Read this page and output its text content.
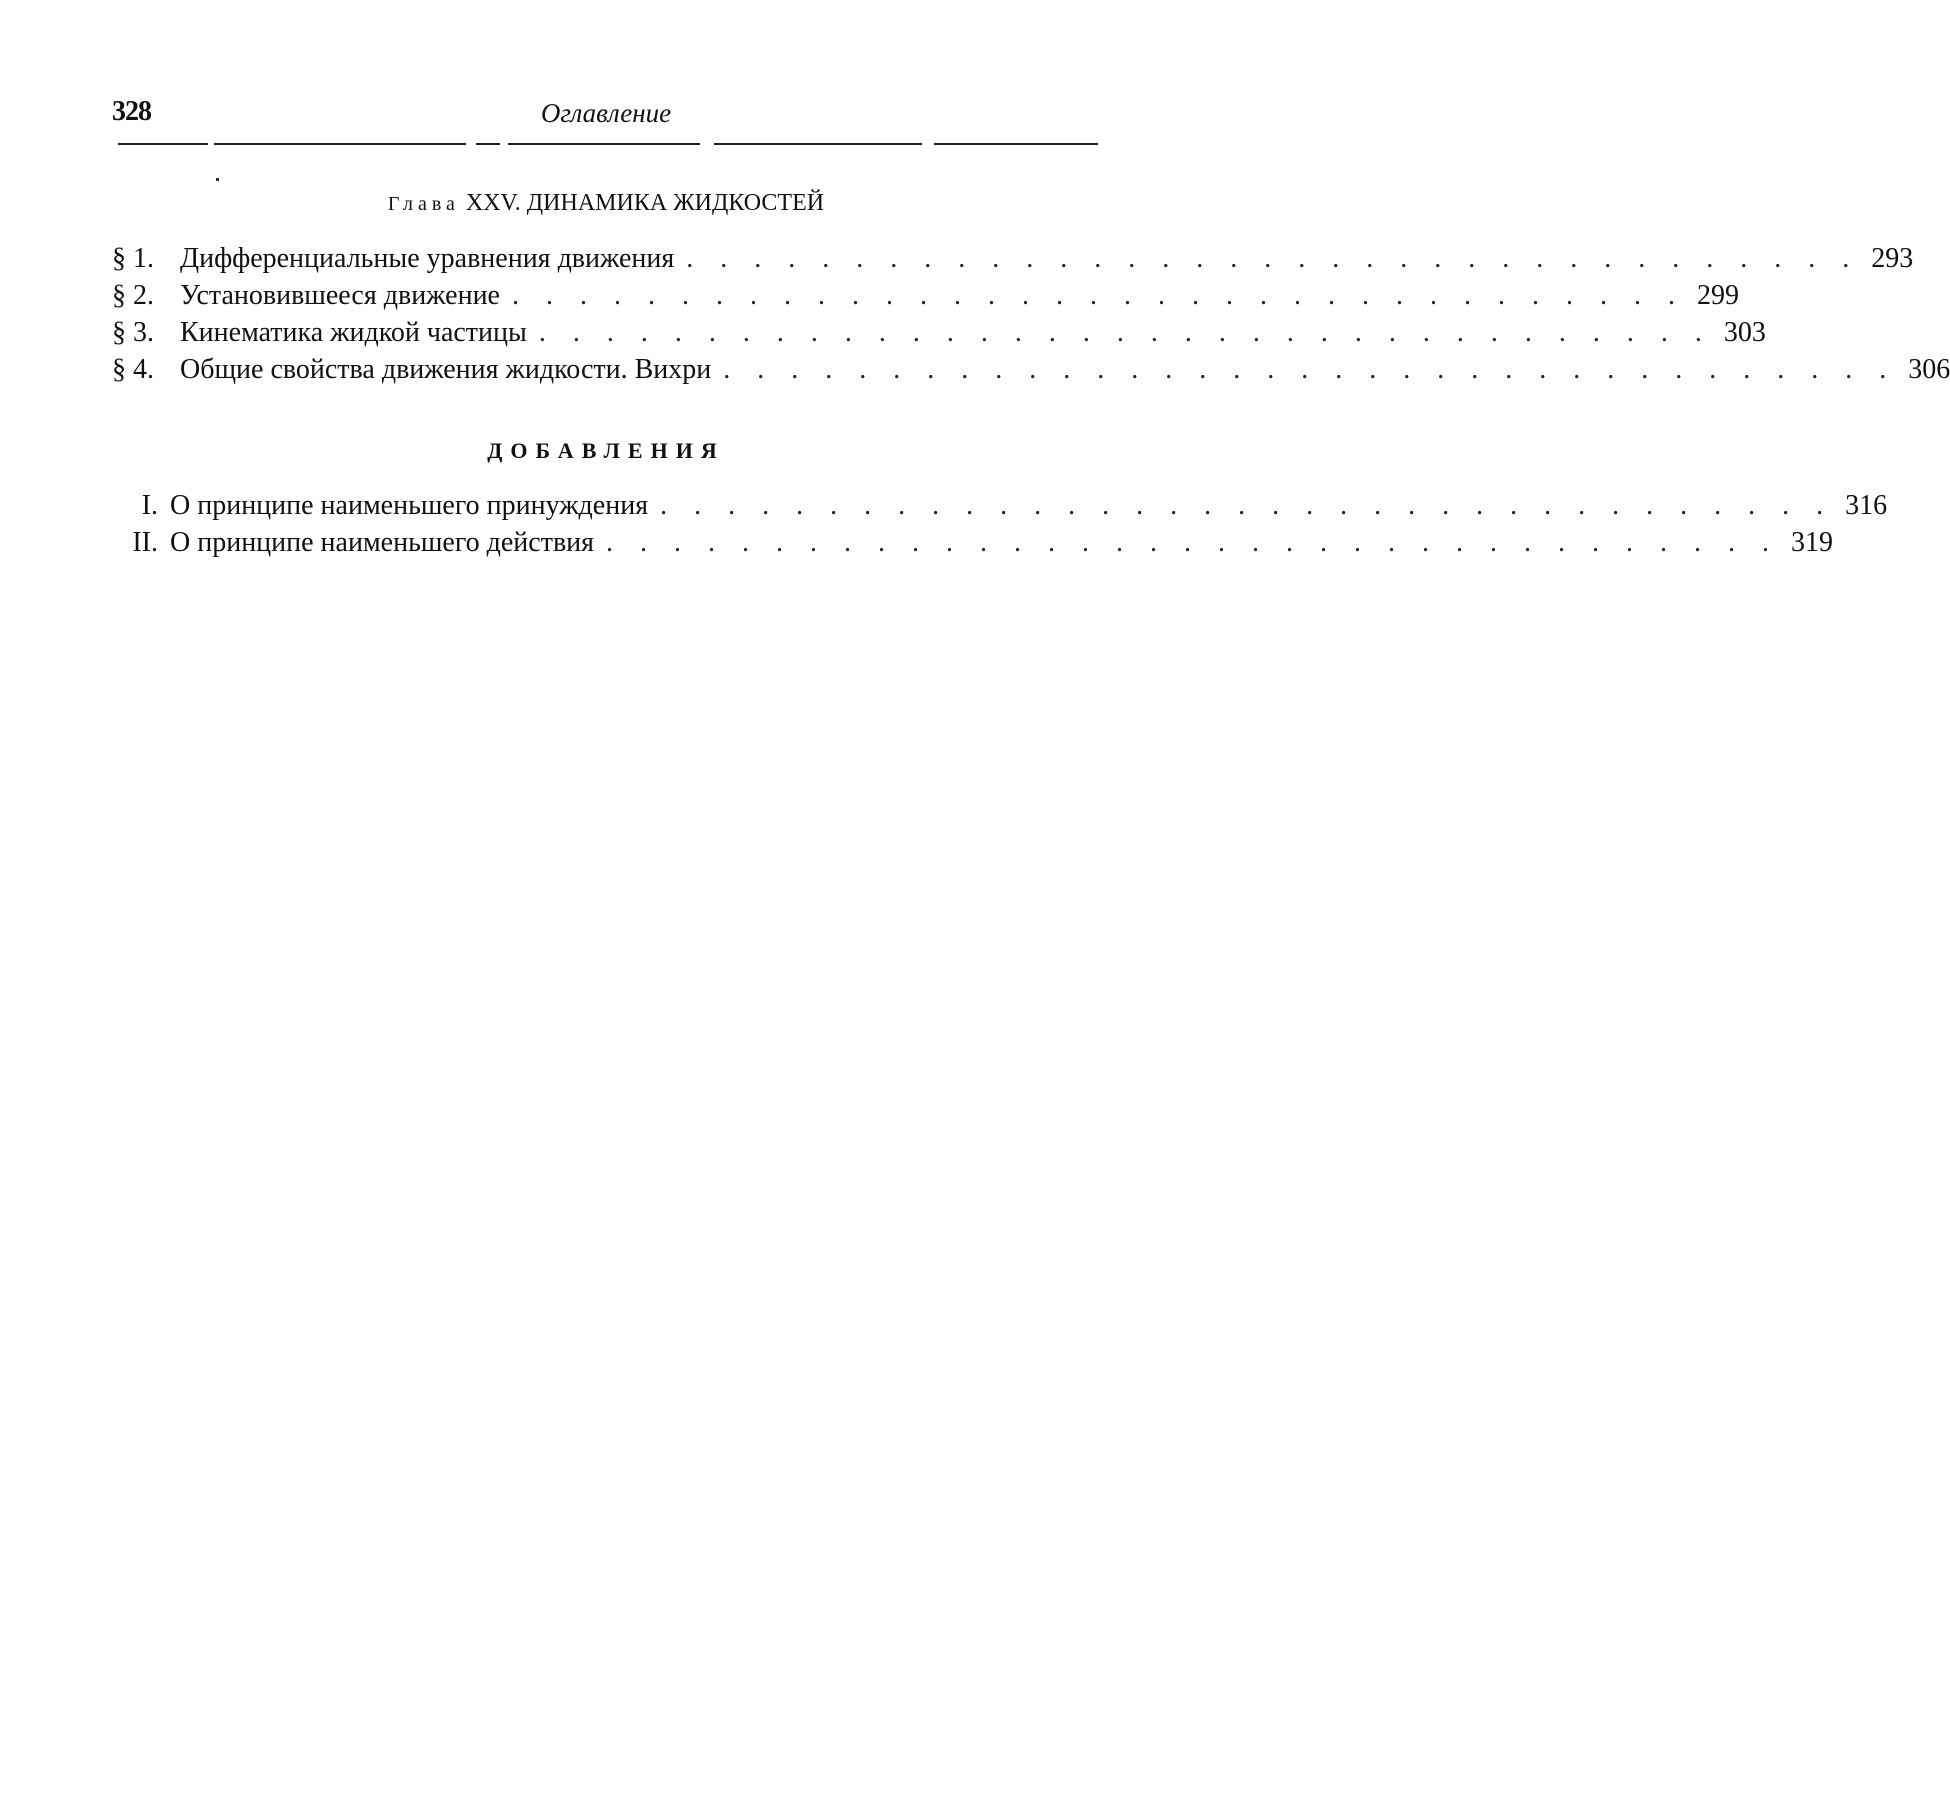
328	Оглавление
Глава XXV. ДИНАМИКА ЖИДКОСТЕЙ
§ 1. Дифференциальные уравнения движения . . . . . . . . . . . . . . . . . . . . . . . . . . . . . . . . . . . 293
§ 2. Установившееся движение . . . . . . . . . . . . . . . . . . . . . . . . . . . . . . . . . . . 299
§ 3. Кинематика жидкой частицы . . . . . . . . . . . . . . . . . . . . . . . . . . . . . . . . . . . 303
§ 4. Общие свойства движения жидкости. Вихри . . . . . . . . . . . . . . . . . . . . . . . . . . . . . . . . . . . 306
ДОБАВЛЕНИЯ
I. О принципе наименьшего принуждения . . . . . . . . . . . . . . . . . . . . . . . . . . . . . . . . . . . 316
II. О принципе наименьшего действия . . . . . . . . . . . . . . . . . . . . . . . . . . . . . . . . . . . 319
